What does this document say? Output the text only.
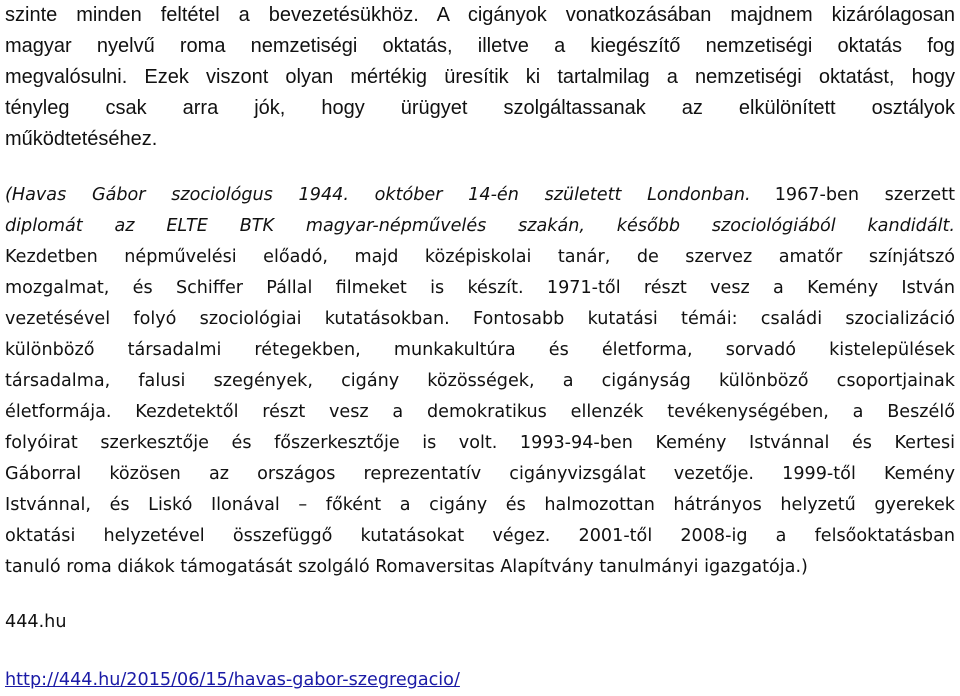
szinte minden feltétel a bevezetésükhöz. A cigányok vonatkozásában majdnem kizárólagosan
magyar nyelvű roma nemzetiségi oktatás, illetve a kiegészítő nemzetiségi oktatás fog
megvalósulni. Ezek viszont olyan mértékig üresítik ki tartalmilag a nemzetiségi oktatást, hogy
tényleg csak arra jók, hogy ürügyet szolgáltassanak az elkülönített osztályok
működtetéséhez.
(Havas Gábor szociológus 1944. október 14-én született Londonban. 1967-ben szerzett
diplomát az ELTE BTK magyar-népművelés szakán, később szociológiából kandidált.
Kezdetben népművelési előadó, majd középiskolai tanár, de szervez amatőr színjátszó
mozgalmat, és Schiffer Pállal filmeket is készít. 1971-től részt vesz a Kemény István
vezetésével folyó szociológiai kutatásokban. Fontosabb kutatási témái: családi szocializáció
különböző társadalmi rétegekben, munkakultúra és életforma, sorvadó kistelepülések
társadalma, falusi szegények, cigány közösségek, a cigányság különböző csoportjainak
életformája. Kezdetektől részt vesz a demokratikus ellenzék tevékenységében, a Beszélő
folyóirat szerkesztője és főszerkesztője is volt. 1993-94-ben Kemény Istvánnal és Kertesi
Gáborral közösen az országos reprezentatív cigányvizsgálat vezetője. 1999-től Kemény
Istvánnal, és Liskó Ilonával – főként a cigány és halmozottan hátrányos helyzetű gyerekek
oktatási helyzetével összefüggő kutatásokat végez. 2001-től 2008-ig a felsőoktatásban
tanuló roma diákok támogatását szolgáló Romaversitas Alapítvány tanulmányi igazgatója.)
444.hu
http://444.hu/2015/06/15/havas-gabor-szegregacio/
